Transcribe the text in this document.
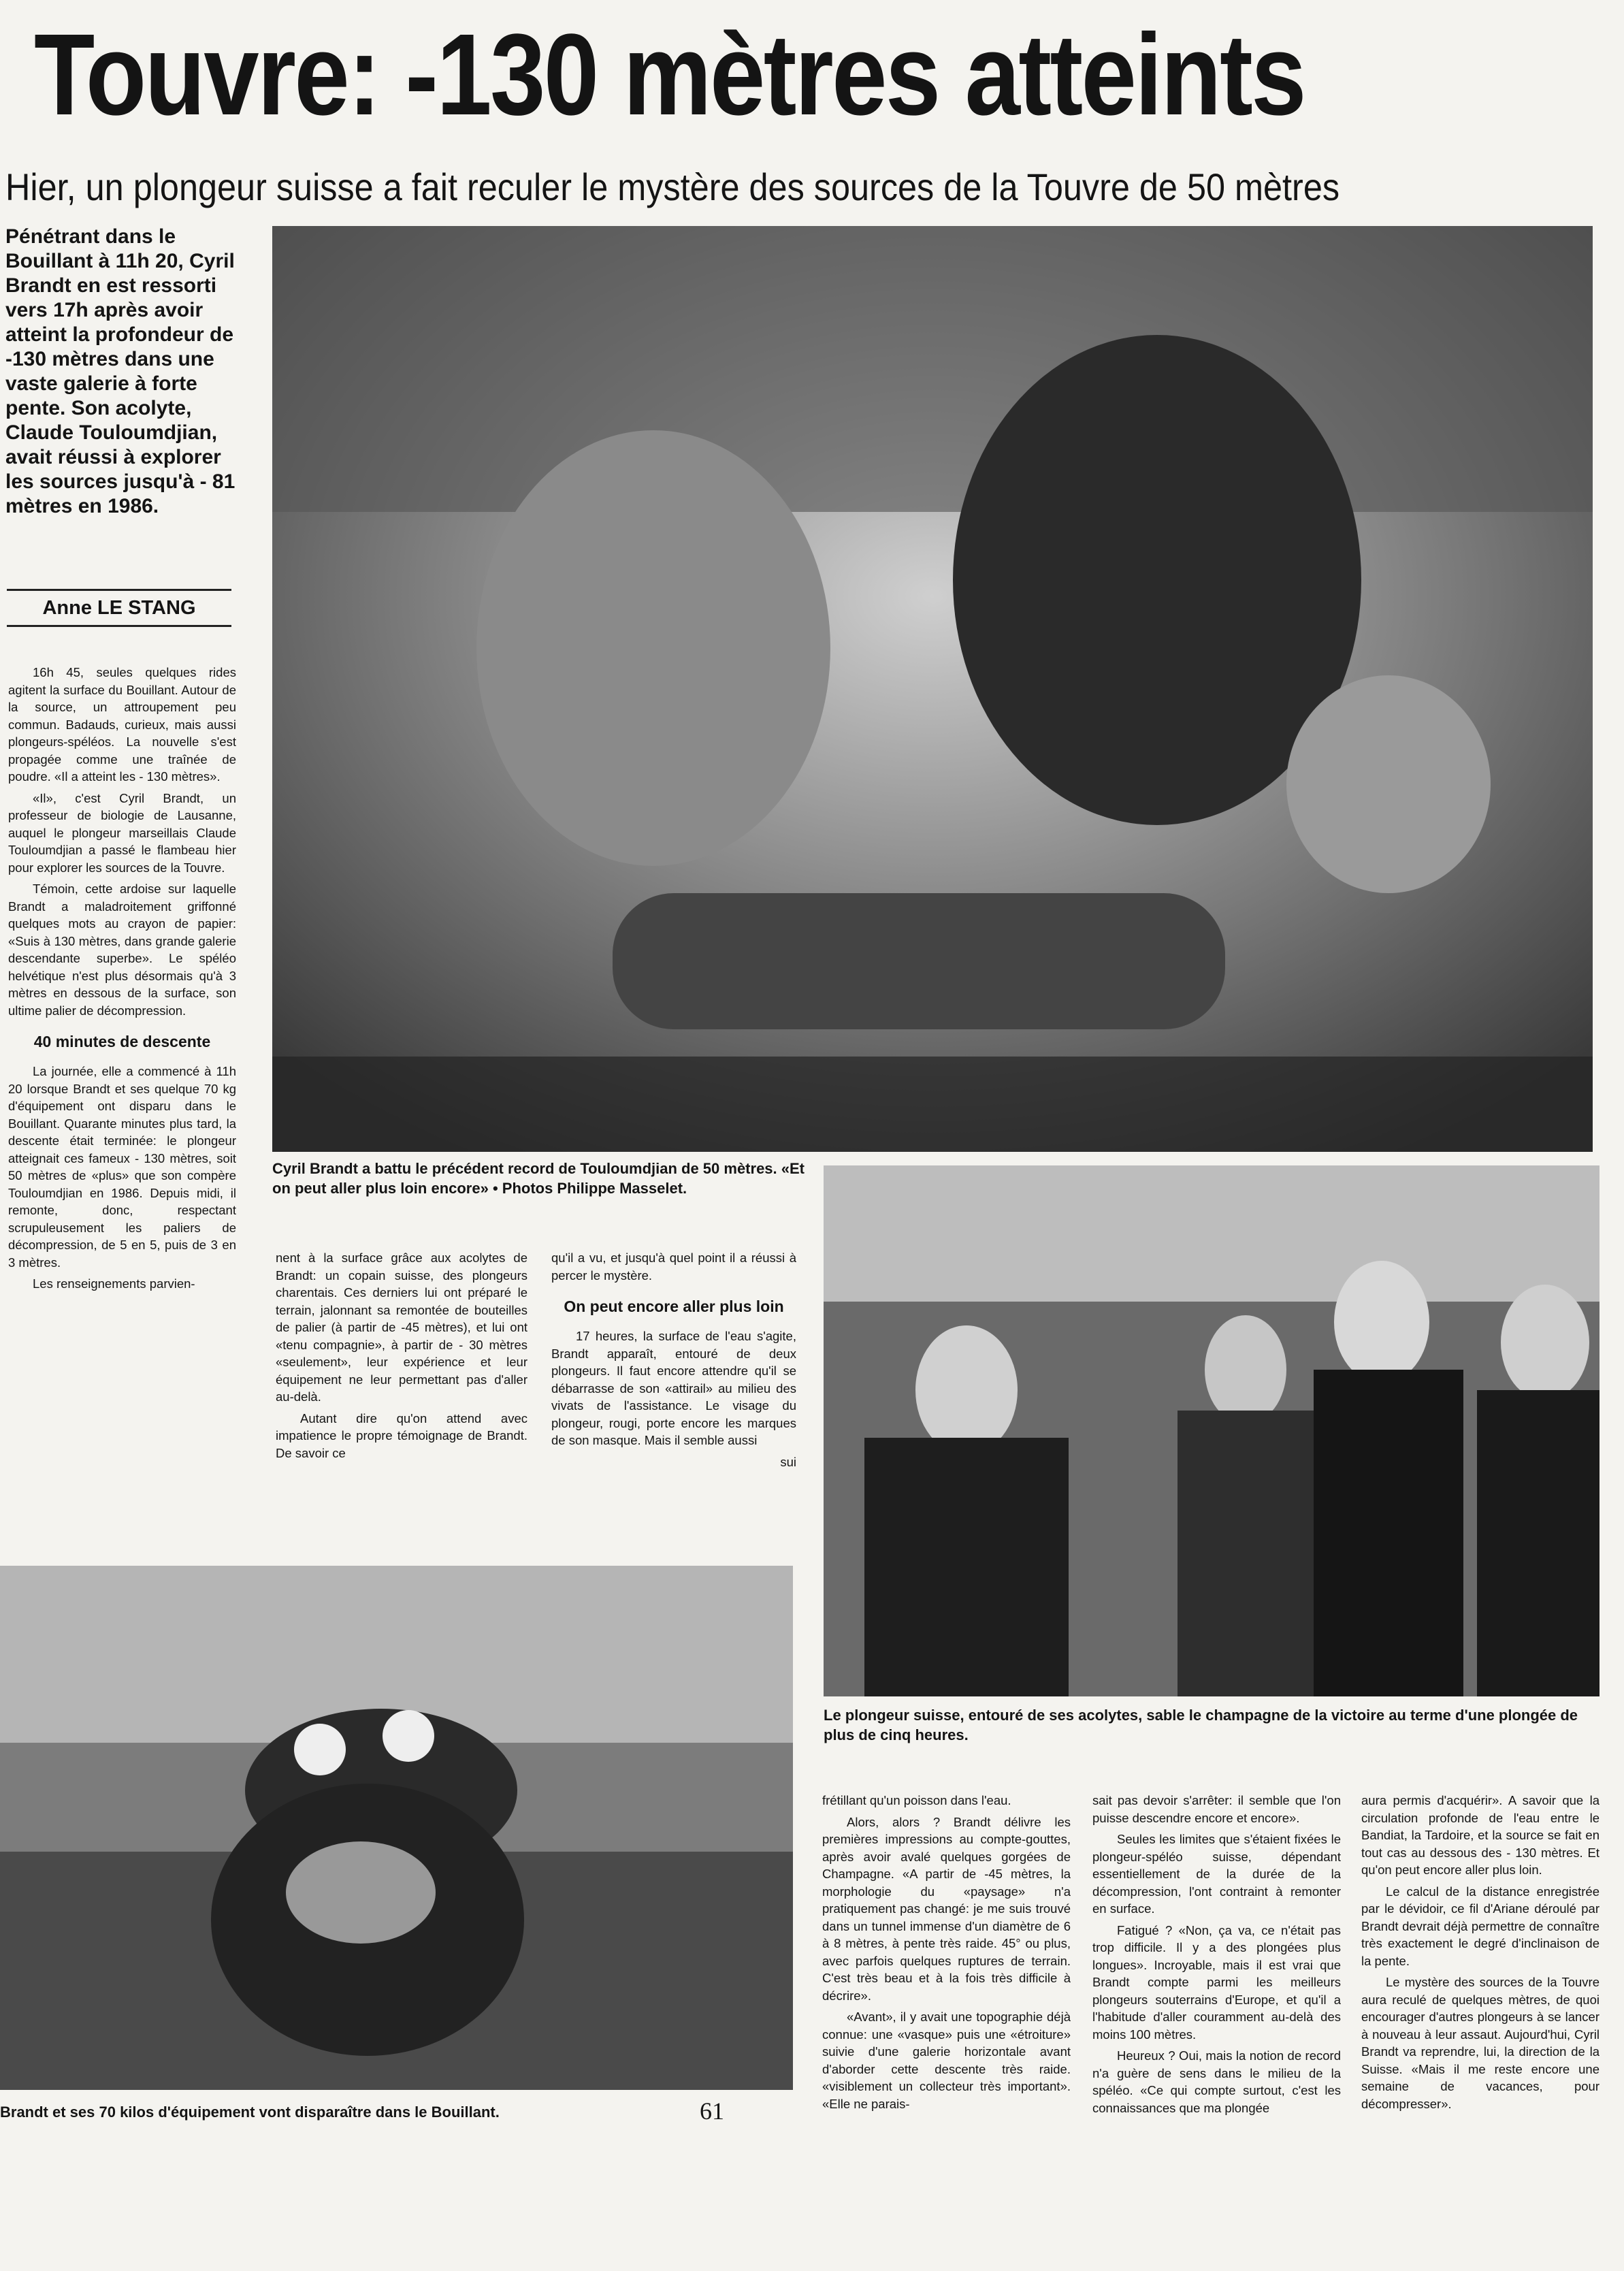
Touvre: -130 mètres atteints
Hier, un plongeur suisse a fait reculer le mystère des sources de la Touvre de 50 mètres
Pénétrant dans le Bouillant à 11h 20, Cyril Brandt en est ressorti vers 17h après avoir atteint la profondeur de -130 mètres dans une vaste galerie à forte pente. Son acolyte, Claude Touloumdjian, avait réussi à explorer les sources jusqu'à - 81 mètres en 1986.
Anne LE STANG

16h 45, seules quelques rides agitent la surface du Bouillant. Autour de la source, un attroupement peu commun. Badauds, curieux, mais aussi plongeurs-spéléos. La nouvelle s'est propagée comme une traînée de poudre. «Il a atteint les - 130 mètres».

«Il», c'est Cyril Brandt, un professeur de biologie de Lausanne, auquel le plongeur marseillais Claude Touloumdjian a passé le flambeau hier pour explorer les sources de la Touvre.

Témoin, cette ardoise sur laquelle Brandt a maladroitement griffonné quelques mots au crayon de papier: «Suis à 130 mètres, dans grande galerie descendante superbe». Le spéléo helvétique n'est plus désormais qu'à 3 mètres en dessous de la surface, son ultime palier de décompression.

40 minutes de descente

La journée, elle a commencé à 11h 20 lorsque Brandt et ses quelque 70 kg d'équipement ont disparu dans le Bouillant. Quarante minutes plus tard, la descente était terminée: le plongeur atteignait ces fameux - 130 mètres, soit 50 mètres de «plus» que son compère Touloumdjian en 1986. Depuis midi, il remonte, donc, respectant scrupuleusement les paliers de décompression, de 5 en 5, puis de 3 en 3 mètres.

Les renseignements parvien-

Cyril Brandt a battu le précédent record de Touloumdjian de 50 mètres. «Et on peut aller plus loin encore» • Photos Philippe Masselet.

nent à la surface grâce aux acolytes de Brandt: un copain suisse, des plongeurs charentais. Ces derniers lui ont préparé le terrain, jalonnant sa remontée de bouteilles de palier (à partir de -45 mètres), et lui ont «tenu compagnie», à partir de - 30 mètres «seulement», leur expérience et leur équipement ne leur permettant pas d'aller au-delà.

Autant dire qu'on attend avec impatience le propre témoignage de Brandt. De savoir ce

qu'il a vu, et jusqu'à quel point il a réussi à percer le mystère.

On peut encore aller plus loin

17 heures, la surface de l'eau s'agite, Brandt apparaît, entouré de deux plongeurs. Il faut encore attendre qu'il se débarrasse de son «attirail» au milieu des vivats de l'assistance. Le visage du plongeur, rougi, porte encore les marques de son masque. Mais il semble aussi

sui

Le plongeur suisse, entouré de ses acolytes, sable le champagne de la victoire au terme d'une plongée de plus de cinq heures.
Brandt et ses 70 kilos d'équipement vont disparaître dans le Bouillant.	61

frétillant qu'un poisson dans l'eau.

Alors, alors ? Brandt délivre les premières impressions au compte-gouttes, après avoir avalé quelques gorgées de Champagne. «A partir de -45 mètres, la morphologie du «paysage» n'a pratiquement pas changé: je me suis trouvé dans un tunnel immense d'un diamètre de 6 à 8 mètres, à pente très raide. 45° ou plus, avec parfois quelques ruptures de terrain. C'est très beau et à la fois très difficile à décrire».

«Avant», il y avait une topographie déjà connue: une «vasque» puis une «étroiture» suivie d'une galerie horizontale avant d'aborder cette descente très raide. «visiblement un collecteur très important». «Elle ne parais-

sait pas devoir s'arrêter: il semble que l'on puisse descendre encore et encore».

Seules les limites que s'étaient fixées le plongeur-spéléo suisse, dépendant essentiellement de la durée de la décompression, l'ont contraint à remonter en surface.

Fatigué ? «Non, ça va, ce n'était pas trop difficile. Il y a des plongées plus longues». Incroyable, mais il est vrai que Brandt compte parmi les meilleurs plongeurs souterrains d'Europe, et qu'il a l'habitude d'aller couramment au-delà des moins 100 mètres.

Heureux ? Oui, mais la notion de record n'a guère de sens dans le milieu de la spéléo. «Ce qui compte surtout, c'est les connaissances que ma plongée

aura permis d'acquérir». A savoir que la circulation profonde de l'eau entre le Bandiat, la Tardoire, et la source se fait en tout cas au dessous des - 130 mètres. Et qu'on peut encore aller plus loin.

Le calcul de la distance enregistrée par le dévidoir, ce fil d'Ariane déroulé par Brandt devrait déjà permettre de connaître très exactement le degré d'inclinaison de la pente.

Le mystère des sources de la Touvre aura reculé de quelques mètres, de quoi encourager d'autres plongeurs à se lancer à nouveau à leur assaut. Aujourd'hui, Cyril Brandt va reprendre, lui, la direction de la Suisse. «Mais il me reste encore une semaine de vacances, pour décompresser».
